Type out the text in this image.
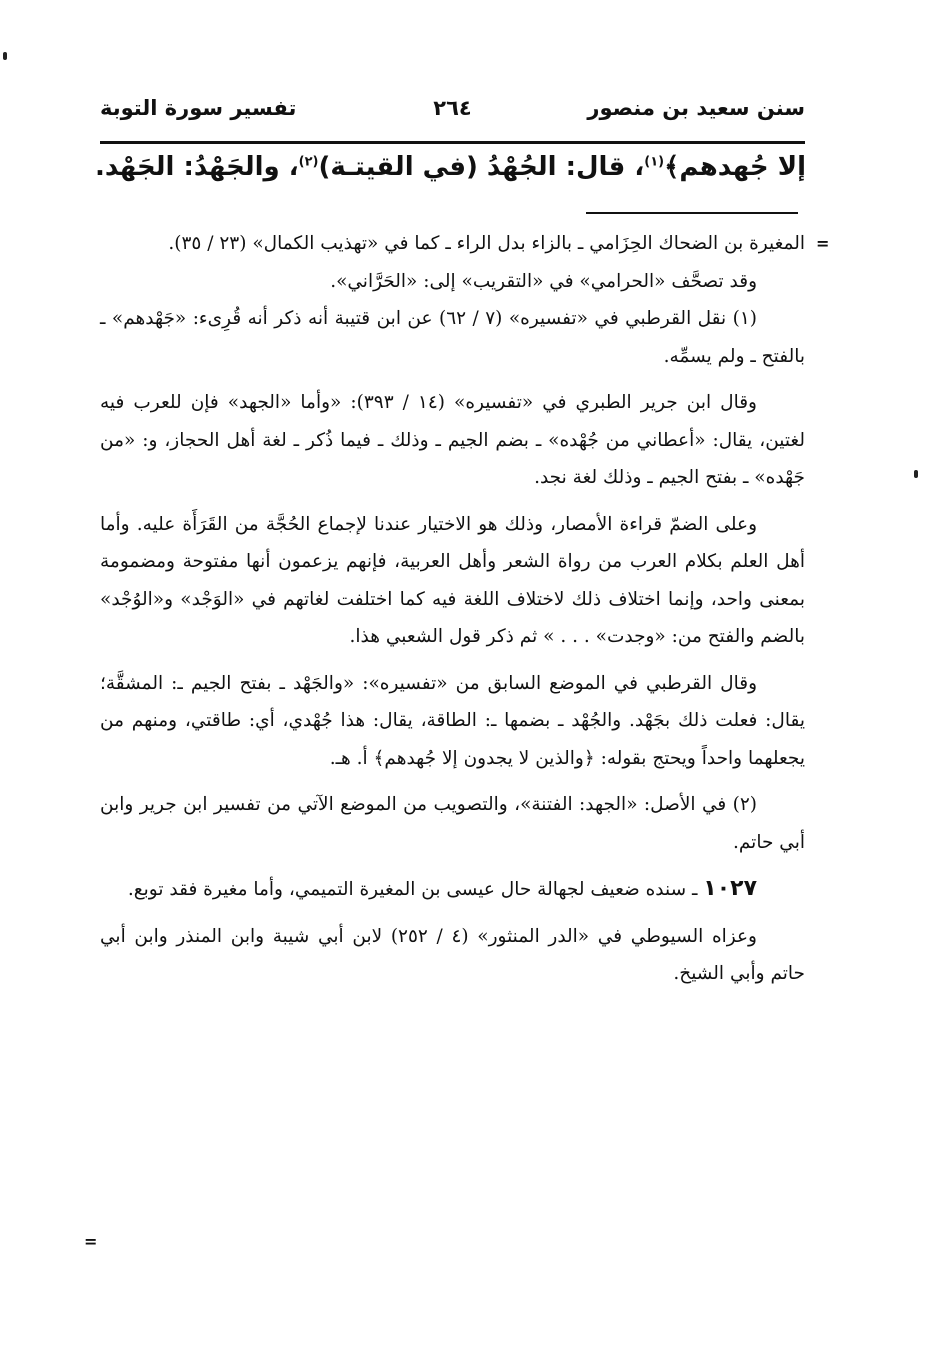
سنن سعيد بن منصور
٢٦٤
تفسير سورة التوبة
إلا جُهدهم﴾$^{(١)}$، قال: الجُهْدُ (في القيتـة)$^{(٢)}$، والجَهْدُ: الجَهْد.
=
=

المغيرة بن الضحاك الحِزَامي ـ بالزاء بدل الراء ـ كما في «تهذيب الكمال» (٢٣ / ٣٥).

وقد تصحَّف «الحرامي» في «التقريب» إلى: «الحَرَّاني».

(١) نقل القرطبي في «تفسيره» (٧ / ٦٢) عن ابن قتيبة أنه ذكر أنه قُرِىء: «جَهْدهم» ـ بالفتح ـ ولم يسمِّه.

وقال ابن جرير الطبري في «تفسيره» (١٤ / ٣٩٣): «وأما «الجهد» فإن للعرب فيه لغتين، يقال: «أعطاني من جُهْده» ـ بضم الجيم ـ وذلك ـ فيما ذُكر ـ لغة أهل الحجاز، و: «من جَهْده» ـ بفتح الجيم ـ وذلك لغة نجد.

وعلى الضمّ قراءة الأمصار، وذلك هو الاختيار عندنا لإجماع الحُجَّة من القَرَأَة عليه. وأما أهل العلم بكلام العرب من رواة الشعر وأهل العربية، فإنهم يزعمون أنها مفتوحة ومضمومة بمعنى واحد، وإنما اختلاف ذلك لاختلاف اللغة فيه كما اختلفت لغاتهم في «الوَجْد» و«الوُجْد» بالضم والفتح من: «وجدت» . . . » ثم ذكر قول الشعبي هذا.

وقال القرطبي في الموضع السابق من «تفسيره»: «والجَهْد ـ بفتح الجيم ـ: المشقَّة؛ يقال: فعلت ذلك بجَهْد. والجُهْد ـ بضمها ـ: الطاقة، يقال: هذا جُهْدي، أي: طاقتي، ومنهم من يجعلهما واحداً ويحتج بقوله: ﴿والذين لا يجدون إلا جُهدهم﴾ أ. هـ.

(٢) في الأصل: «الجهد: الفتنة»، والتصويب من الموضع الآتي من تفسير ابن جرير وابن أبي حاتم.

١٠٢٧ ـ سنده ضعيف لجهالة حال عيسى بن المغيرة التميمي، وأما مغيرة فقد توبع.

وعزاه السيوطي في «الدر المنثور» (٤ / ٢٥٢) لابن أبي شيبة وابن المنذر وابن أبي حاتم وأبي الشيخ.
